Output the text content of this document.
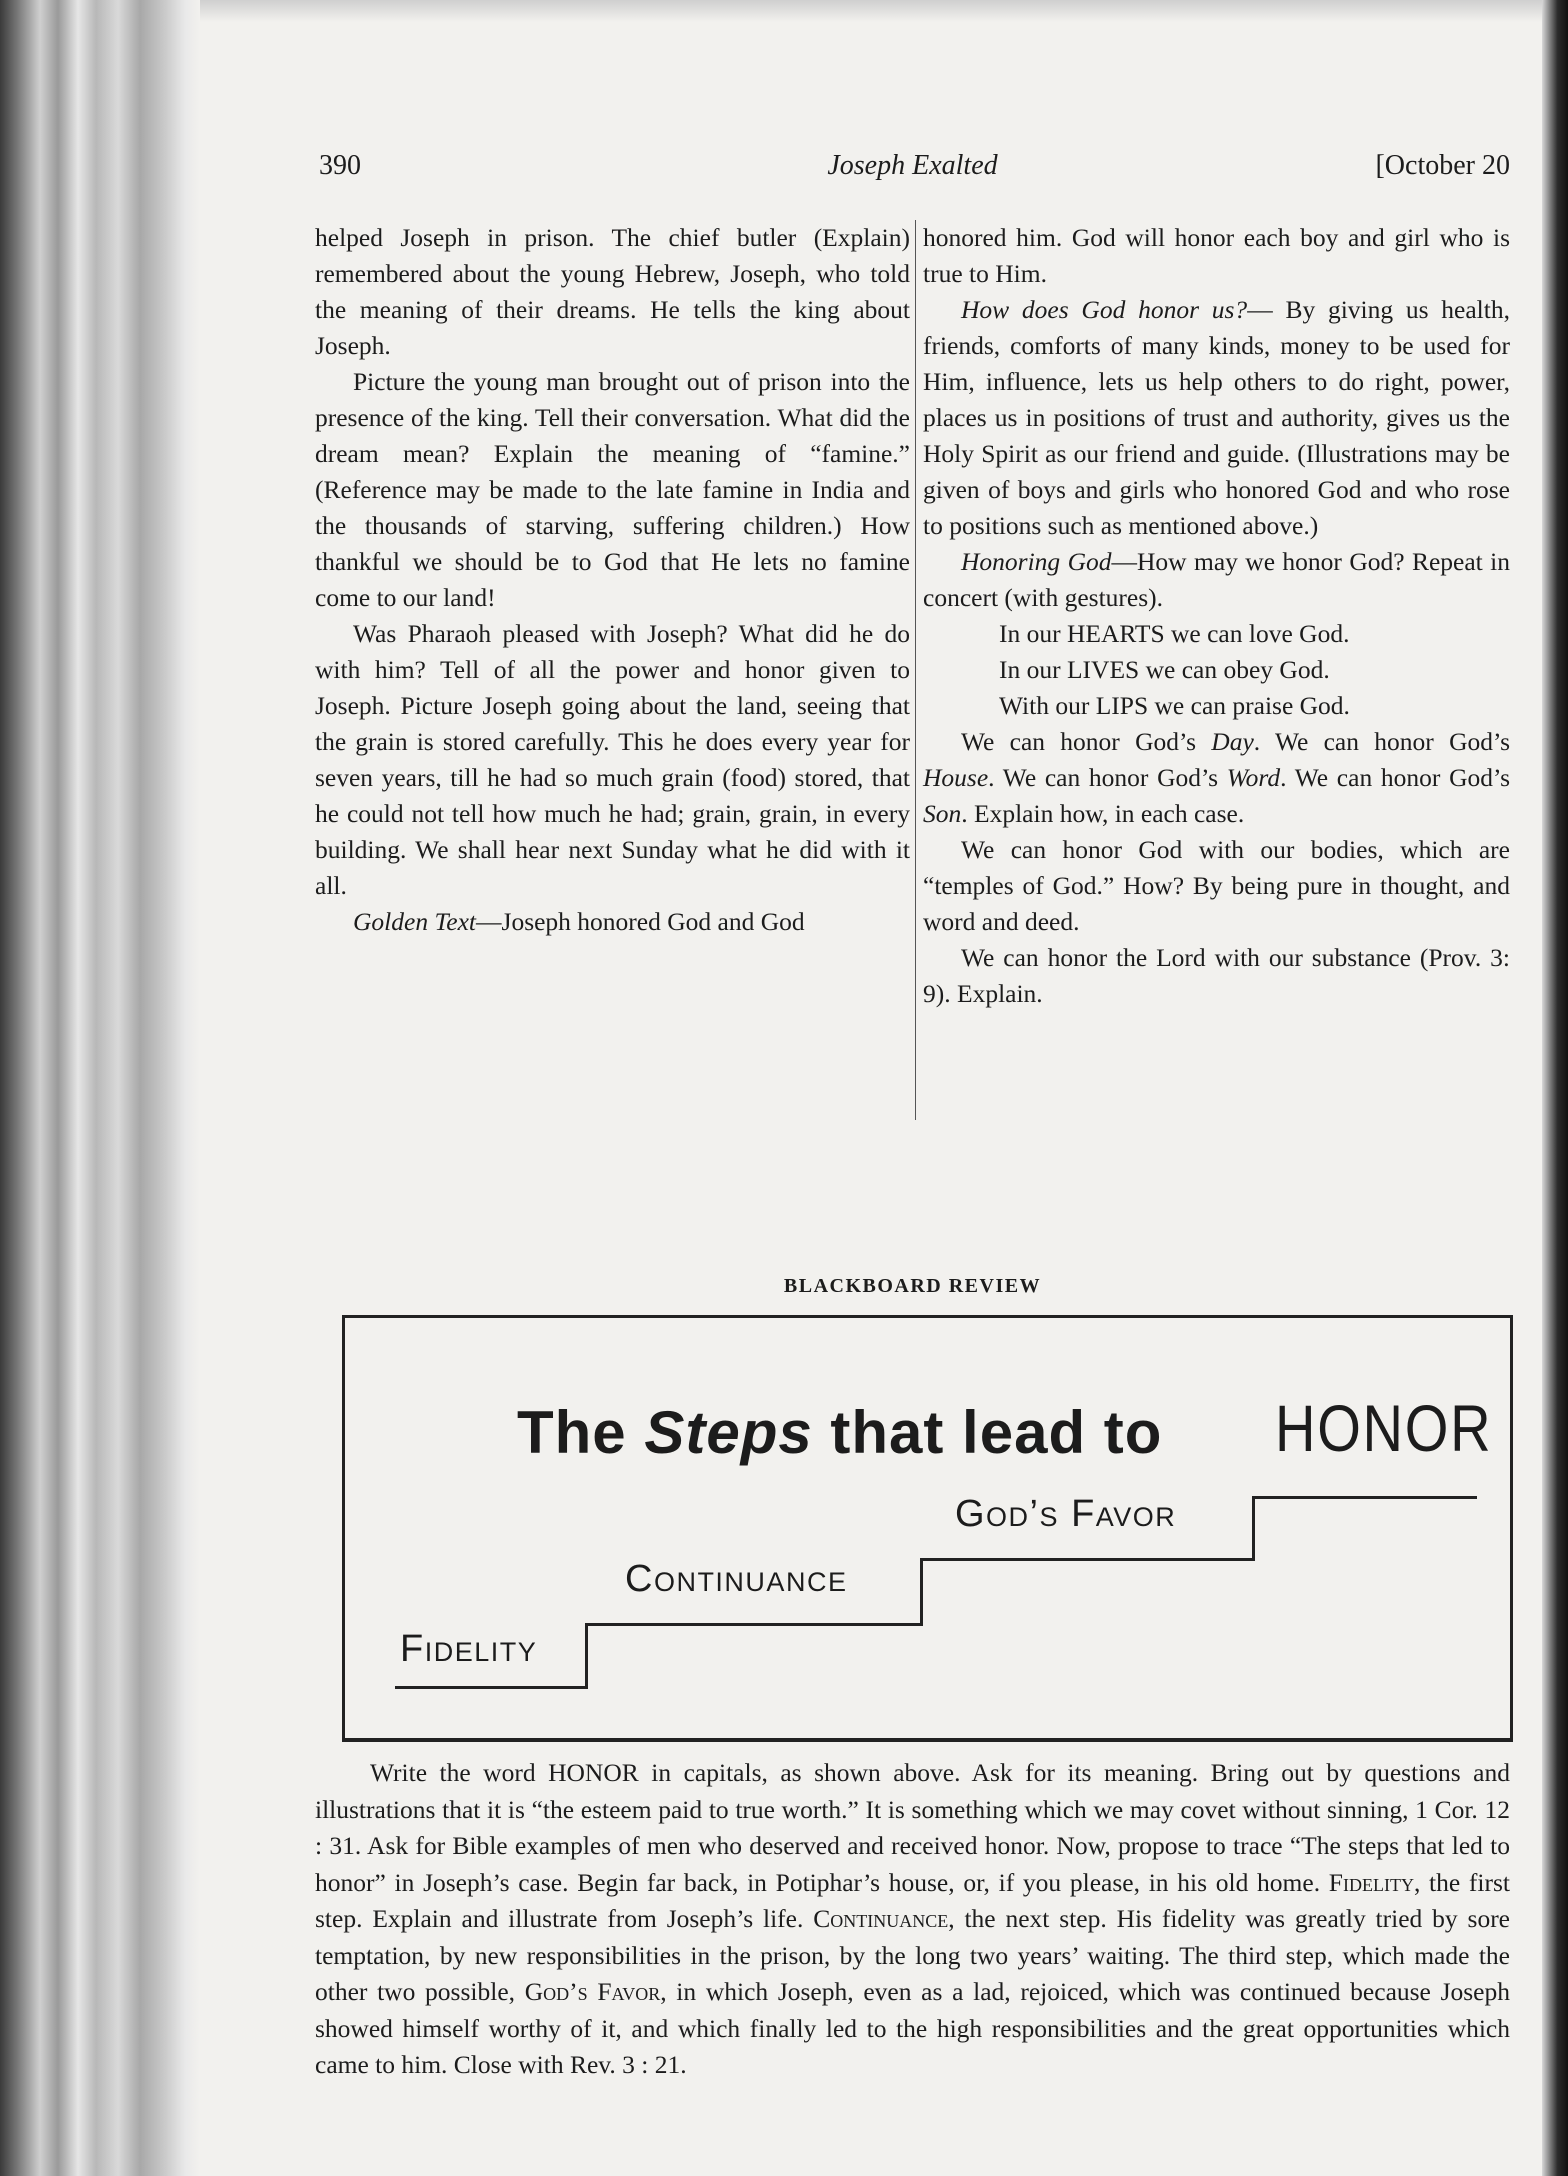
390	Joseph Exalted	[October 20

helped Joseph in prison. The chief butler (Explain) remembered about the young Hebrew, Joseph, who told the meaning of their dreams. He tells the king about Joseph.

Picture the young man brought out of prison into the presence of the king. Tell their conversation. What did the dream mean? Explain the meaning of “famine.” (Reference may be made to the late famine in India and the thousands of starving, suffering children.) How thankful we should be to God that He lets no famine come to our land!

Was Pharaoh pleased with Joseph? What did he do with him? Tell of all the power and honor given to Joseph. Picture Joseph going about the land, seeing that the grain is stored carefully. This he does every year for seven years, till he had so much grain (food) stored, that he could not tell how much he had; grain, grain, in every building. We shall hear next Sunday what he did with it all.

Golden Text—Joseph honored God and God

honored him. God will honor each boy and girl who is true to Him.

How does God honor us?— By giving us health, friends, comforts of many kinds, money to be used for Him, influence, lets us help others to do right, power, places us in positions of trust and authority, gives us the Holy Spirit as our friend and guide. (Illustrations may be given of boys and girls who honored God and who rose to positions such as mentioned above.)

Honoring God—How may we honor God? Repeat in concert (with gestures).

In our HEARTS we can love God.

In our LIVES we can obey God.

With our LIPS we can praise God.

We can honor God’s Day. We can honor God’s House. We can honor God’s Word. We can honor God’s Son. Explain how, in each case.

We can honor God with our bodies, which are “temples of God.” How? By being pure in thought, and word and deed.

We can honor the Lord with our substance (Prov. 3: 9). Explain.

BLACKBOARD REVIEW
The Steps that lead to HONOR
Fidelity
Continuance
God’s Favor

Write the word HONOR in capitals, as shown above. Ask for its meaning. Bring out by questions and illustrations that it is “the esteem paid to true worth.” It is something which we may covet without sinning, 1 Cor. 12 : 31. Ask for Bible examples of men who deserved and received honor. Now, propose to trace “The steps that led to honor” in Joseph’s case. Begin far back, in Potiphar’s house, or, if you please, in his old home. Fidelity, the first step. Explain and illustrate from Joseph’s life. Continuance, the next step. His fidelity was greatly tried by sore temptation, by new responsibilities in the prison, by the long two years’ waiting. The third step, which made the other two possible, God’s Favor, in which Joseph, even as a lad, rejoiced, which was continued because Joseph showed himself worthy of it, and which finally led to the high responsibilities and the great opportunities which came to him. Close with Rev. 3 : 21.
